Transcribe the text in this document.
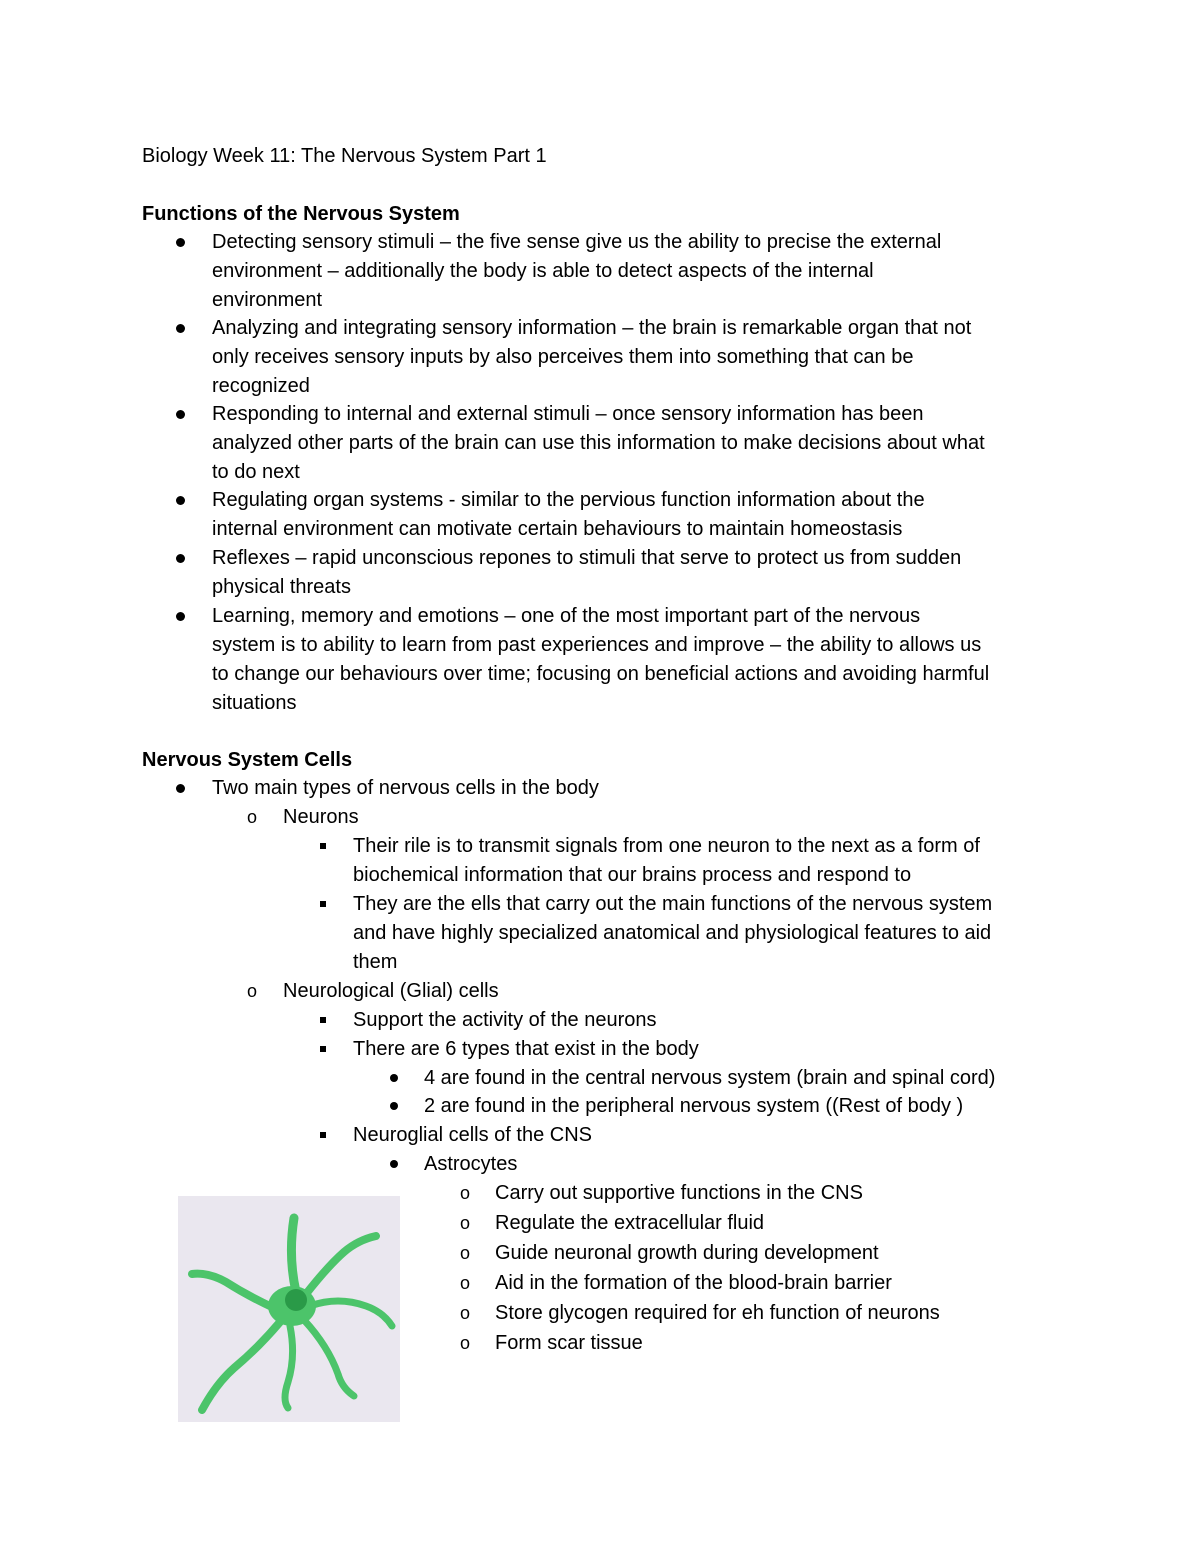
Biology Week 11: The Nervous System Part 1
Functions of the Nervous System
Detecting sensory stimuli – the five sense give us the ability to precise the external
environment – additionally the body is able to detect aspects of the internal
environment
Analyzing and integrating sensory information – the brain is remarkable organ that not
only receives sensory inputs by also perceives them into something that can be
recognized
Responding to internal and external stimuli – once sensory information has been
analyzed other parts of the brain can use this information to make decisions about what
to do next
Regulating organ systems - similar to the pervious function information about the
internal environment can motivate certain behaviours to maintain homeostasis
Reflexes – rapid unconscious repones to stimuli that serve to protect us from sudden
physical threats
Learning, memory and emotions – one of the most important part of the nervous
system is to ability to learn from past experiences and improve – the ability to allows us
to change our behaviours over time; focusing on beneficial actions and avoiding harmful
situations
Nervous System Cells
Two main types of nervous cells in the body
o Neurons
Their rile is to transmit signals from one neuron to the next as a form of
biochemical information that our brains process and respond to
They are the ells that carry out the main functions of the nervous system
and have highly specialized anatomical and physiological features to aid
them
o Neurological (Glial) cells
Support the activity of the neurons
There are 6 types that exist in the body
4 are found in the central nervous system (brain and spinal cord)
2 are found in the peripheral nervous system ((Rest of body )
Neuroglial cells of the CNS
Astrocytes
o Carry out supportive functions in the CNS
o Regulate the extracellular fluid
o Guide neuronal growth during development
o Aid in the formation of the blood-brain barrier
o Store glycogen required for eh function of neurons
o Form scar tissue
